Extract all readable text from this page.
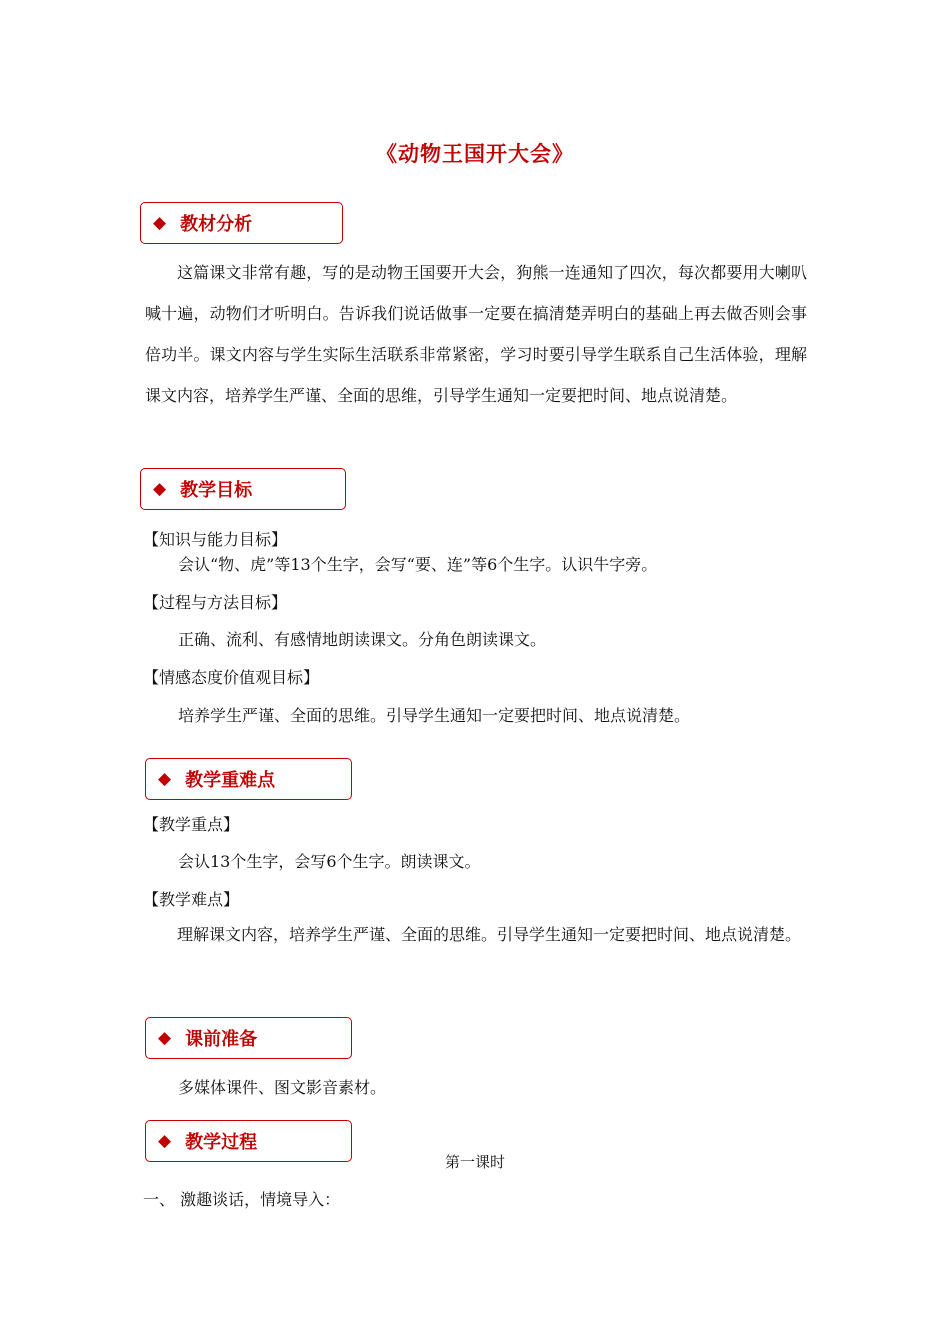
《动物王国开大会》
◆ 教材分析
这篇课文非常有趣，写的是动物王国要开大会，狗熊一连通知了四次，每次都要用大喇叭喊十遍，动物们才听明白。告诉我们说话做事一定要在搞清楚弄明白的基础上再去做否则会事倍功半。课文内容与学生实际生活联系非常紧密，学习时要引导学生联系自己生活体验，理解课文内容，培养学生严谨、全面的思维，引导学生通知一定要把时间、地点说清楚。
◆ 教学目标
【知识与能力目标】
会认“物、虎”等13个生字，会写“要、连”等6个生字。认识牛字旁。
【过程与方法目标】
正确、流利、有感情地朗读课文。分角色朗读课文。
【情感态度价值观目标】
培养学生严谨、全面的思维。引导学生通知一定要把时间、地点说清楚。
◆ 教学重难点
【教学重点】
会认13个生字，会写6个生字。朗读课文。
【教学难点】
理解课文内容，培养学生严谨、全面的思维。引导学生通知一定要把时间、地点说清楚。
◆ 课前准备
多媒体课件、图文影音素材。
◆ 教学过程
第一课时
一、 激趣谈话，情境导入：
